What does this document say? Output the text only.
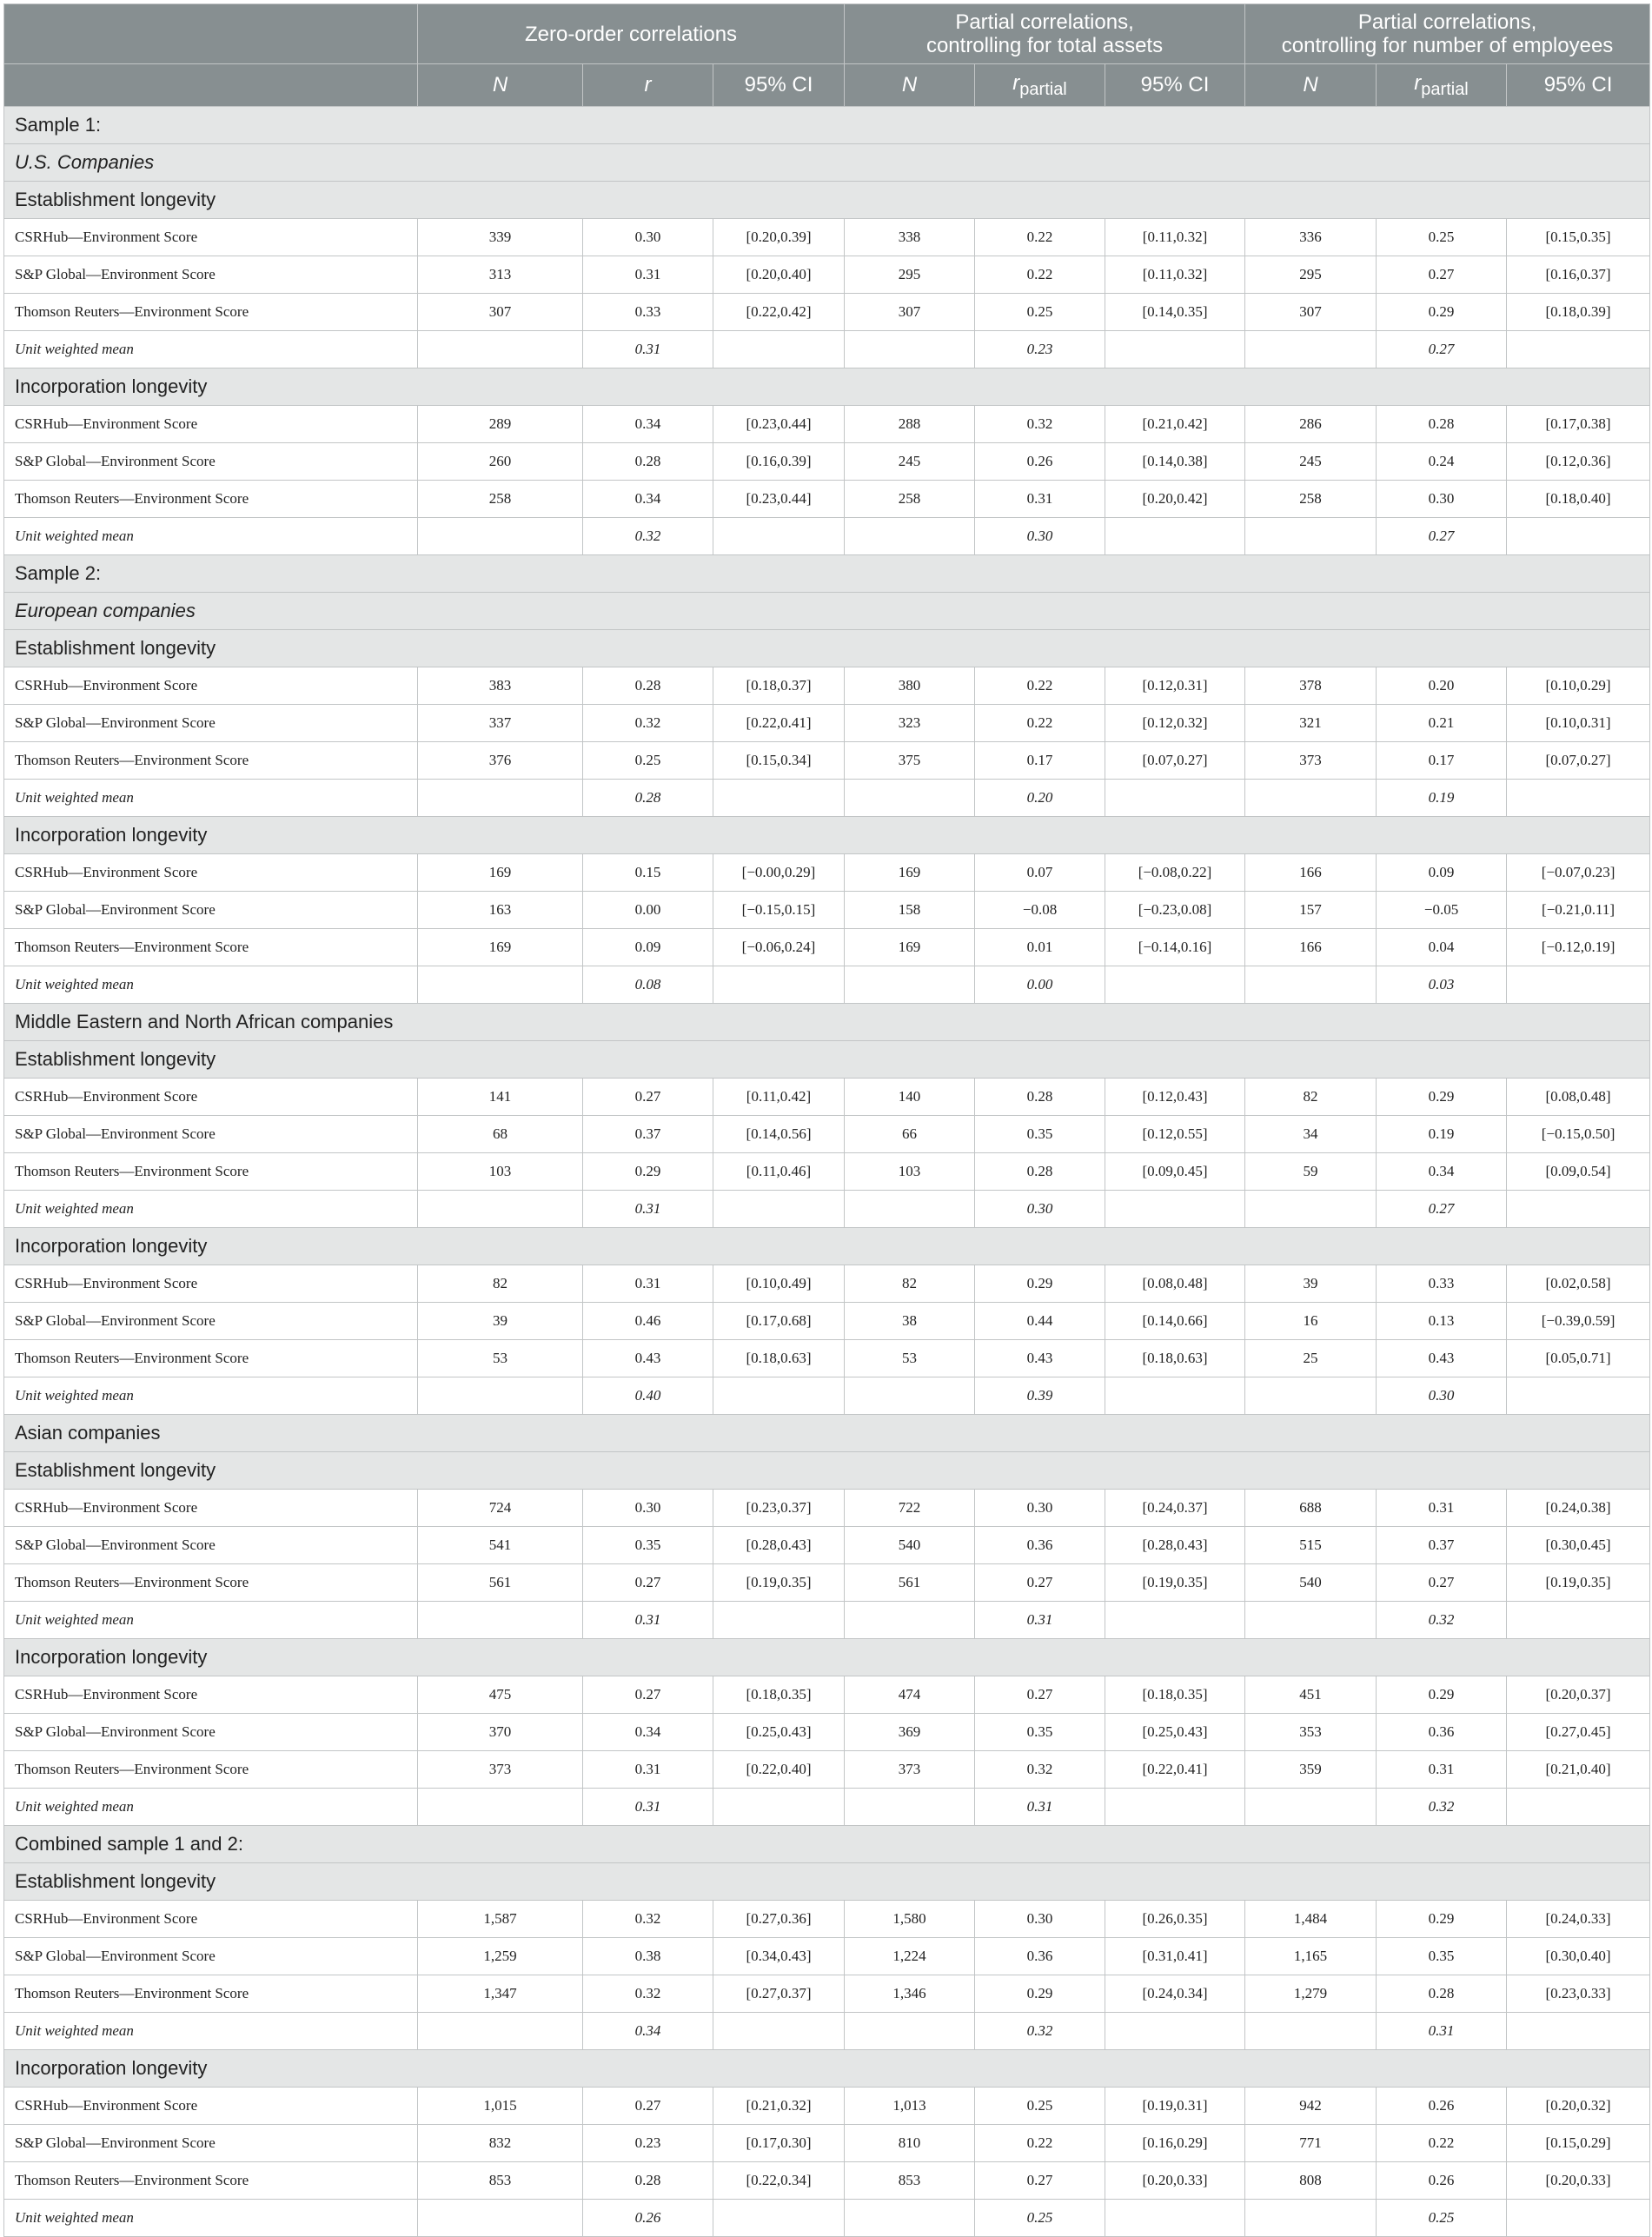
	Zero-order correlations			Partial correlations,
controlling for total assets			Partial correlations,
controlling for number of employees		
	N	r	95% CI	N	$r_{partial}$	95% CI	N	$r_{partial}$	95% CI
Sample 1:									
U.S. Companies									
Establishment longevity									
CSRHub—Environment Score	339	0.30	[0.20,0.39]	338	0.22	[0.11,0.32]	336	0.25	[0.15,0.35]
S&P Global—Environment Score	313	0.31	[0.20,0.40]	295	0.22	[0.11,0.32]	295	0.27	[0.16,0.37]
Thomson Reuters—Environment Score	307	0.33	[0.22,0.42]	307	0.25	[0.14,0.35]	307	0.29	[0.18,0.39]
Unit weighted mean		0.31			0.23			0.27	
Incorporation longevity									
CSRHub—Environment Score	289	0.34	[0.23,0.44]	288	0.32	[0.21,0.42]	286	0.28	[0.17,0.38]
S&P Global—Environment Score	260	0.28	[0.16,0.39]	245	0.26	[0.14,0.38]	245	0.24	[0.12,0.36]
Thomson Reuters—Environment Score	258	0.34	[0.23,0.44]	258	0.31	[0.20,0.42]	258	0.30	[0.18,0.40]
Unit weighted mean		0.32			0.30			0.27	
Sample 2:									
European companies									
Establishment longevity									
CSRHub—Environment Score	383	0.28	[0.18,0.37]	380	0.22	[0.12,0.31]	378	0.20	[0.10,0.29]
S&P Global—Environment Score	337	0.32	[0.22,0.41]	323	0.22	[0.12,0.32]	321	0.21	[0.10,0.31]
Thomson Reuters—Environment Score	376	0.25	[0.15,0.34]	375	0.17	[0.07,0.27]	373	0.17	[0.07,0.27]
Unit weighted mean		0.28			0.20			0.19	
Incorporation longevity									
CSRHub—Environment Score	169	0.15	[−0.00,0.29]	169	0.07	[−0.08,0.22]	166	0.09	[−0.07,0.23]
S&P Global—Environment Score	163	0.00	[−0.15,0.15]	158	−0.08	[−0.23,0.08]	157	−0.05	[−0.21,0.11]
Thomson Reuters—Environment Score	169	0.09	[−0.06,0.24]	169	0.01	[−0.14,0.16]	166	0.04	[−0.12,0.19]
Unit weighted mean		0.08			0.00			0.03	
Middle Eastern and North African companies									
Establishment longevity									
CSRHub—Environment Score	141	0.27	[0.11,0.42]	140	0.28	[0.12,0.43]	82	0.29	[0.08,0.48]
S&P Global—Environment Score	68	0.37	[0.14,0.56]	66	0.35	[0.12,0.55]	34	0.19	[−0.15,0.50]
Thomson Reuters—Environment Score	103	0.29	[0.11,0.46]	103	0.28	[0.09,0.45]	59	0.34	[0.09,0.54]
Unit weighted mean		0.31			0.30			0.27	
Incorporation longevity									
CSRHub—Environment Score	82	0.31	[0.10,0.49]	82	0.29	[0.08,0.48]	39	0.33	[0.02,0.58]
S&P Global—Environment Score	39	0.46	[0.17,0.68]	38	0.44	[0.14,0.66]	16	0.13	[−0.39,0.59]
Thomson Reuters—Environment Score	53	0.43	[0.18,0.63]	53	0.43	[0.18,0.63]	25	0.43	[0.05,0.71]
Unit weighted mean		0.40			0.39			0.30	
Asian companies									
Establishment longevity									
CSRHub—Environment Score	724	0.30	[0.23,0.37]	722	0.30	[0.24,0.37]	688	0.31	[0.24,0.38]
S&P Global—Environment Score	541	0.35	[0.28,0.43]	540	0.36	[0.28,0.43]	515	0.37	[0.30,0.45]
Thomson Reuters—Environment Score	561	0.27	[0.19,0.35]	561	0.27	[0.19,0.35]	540	0.27	[0.19,0.35]
Unit weighted mean		0.31			0.31			0.32	
Incorporation longevity									
CSRHub—Environment Score	475	0.27	[0.18,0.35]	474	0.27	[0.18,0.35]	451	0.29	[0.20,0.37]
S&P Global—Environment Score	370	0.34	[0.25,0.43]	369	0.35	[0.25,0.43]	353	0.36	[0.27,0.45]
Thomson Reuters—Environment Score	373	0.31	[0.22,0.40]	373	0.32	[0.22,0.41]	359	0.31	[0.21,0.40]
Unit weighted mean		0.31			0.31			0.32	
Combined sample 1 and 2:									
Establishment longevity									
CSRHub—Environment Score	1,587	0.32	[0.27,0.36]	1,580	0.30	[0.26,0.35]	1,484	0.29	[0.24,0.33]
S&P Global—Environment Score	1,259	0.38	[0.34,0.43]	1,224	0.36	[0.31,0.41]	1,165	0.35	[0.30,0.40]
Thomson Reuters—Environment Score	1,347	0.32	[0.27,0.37]	1,346	0.29	[0.24,0.34]	1,279	0.28	[0.23,0.33]
Unit weighted mean		0.34			0.32			0.31	
Incorporation longevity									
CSRHub—Environment Score	1,015	0.27	[0.21,0.32]	1,013	0.25	[0.19,0.31]	942	0.26	[0.20,0.32]
S&P Global—Environment Score	832	0.23	[0.17,0.30]	810	0.22	[0.16,0.29]	771	0.22	[0.15,0.29]
Thomson Reuters—Environment Score	853	0.28	[0.22,0.34]	853	0.27	[0.20,0.33]	808	0.26	[0.20,0.33]
Unit weighted mean		0.26			0.25			0.25	
